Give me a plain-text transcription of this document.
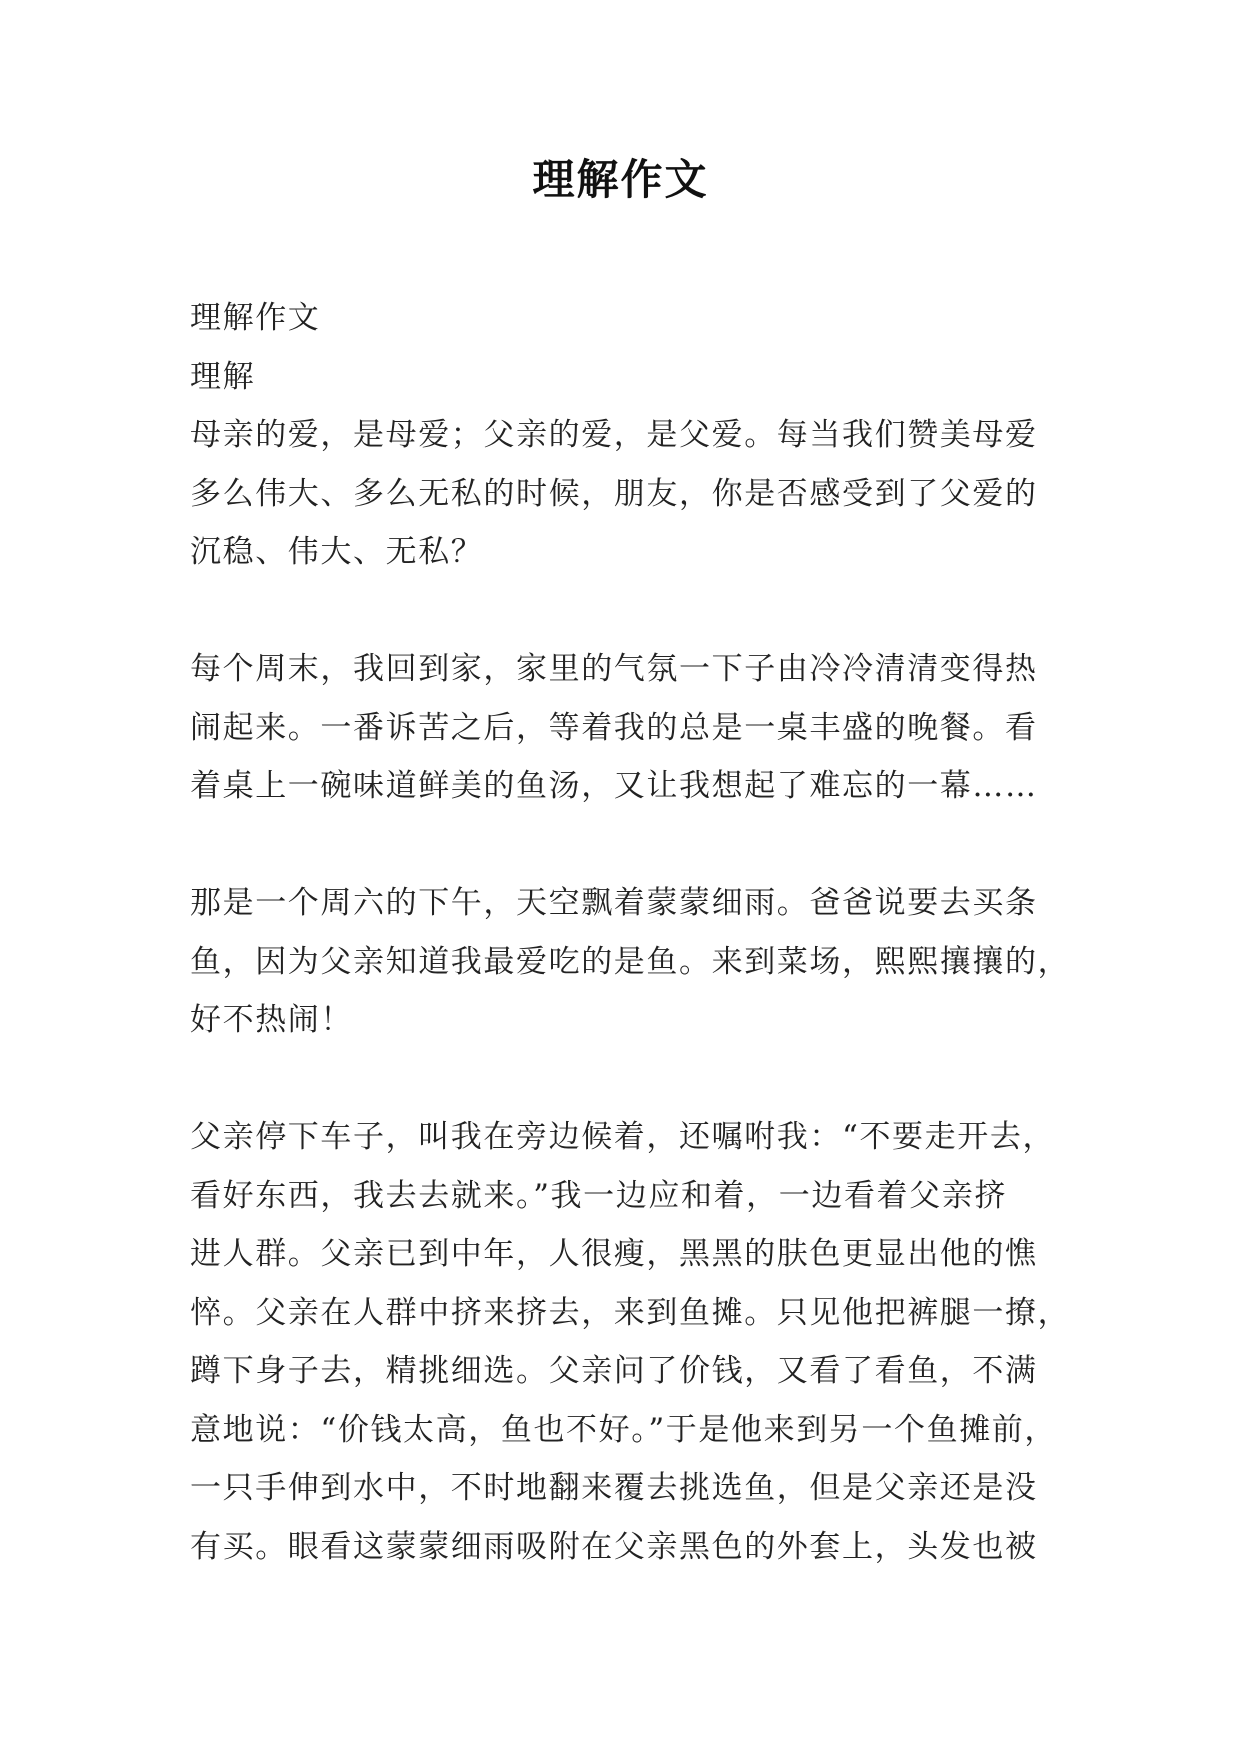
理解作文
理解作文
理解
母亲的爱，是母爱；父亲的爱，是父爱。每当我们赞美母爱
多么伟大、多么无私的时候，朋友，你是否感受到了父爱的
沉稳、伟大、无私？
每个周末，我回到家，家里的气氛一下子由冷冷清清变得热
闹起来。一番诉苦之后，等着我的总是一桌丰盛的晚餐。看
着桌上一碗味道鲜美的鱼汤，又让我想起了难忘的一幕……
那是一个周六的下午，天空飘着蒙蒙细雨。爸爸说要去买条
鱼，因为父亲知道我最爱吃的是鱼。来到菜场，熙熙攘攘的，
好不热闹！
父亲停下车子，叫我在旁边候着，还嘱咐我：“不要走开去，
看好东西，我去去就来。”我一边应和着，一边看着父亲挤
进人群。父亲已到中年，人很瘦，黑黑的肤色更显出他的憔
悴。父亲在人群中挤来挤去，来到鱼摊。只见他把裤腿一撩，
蹲下身子去，精挑细选。父亲问了价钱，又看了看鱼，不满
意地说：“价钱太高，鱼也不好。”于是他来到另一个鱼摊前，
一只手伸到水中，不时地翻来覆去挑选鱼，但是父亲还是没
有买。眼看这蒙蒙细雨吸附在父亲黑色的外套上，头发也被
